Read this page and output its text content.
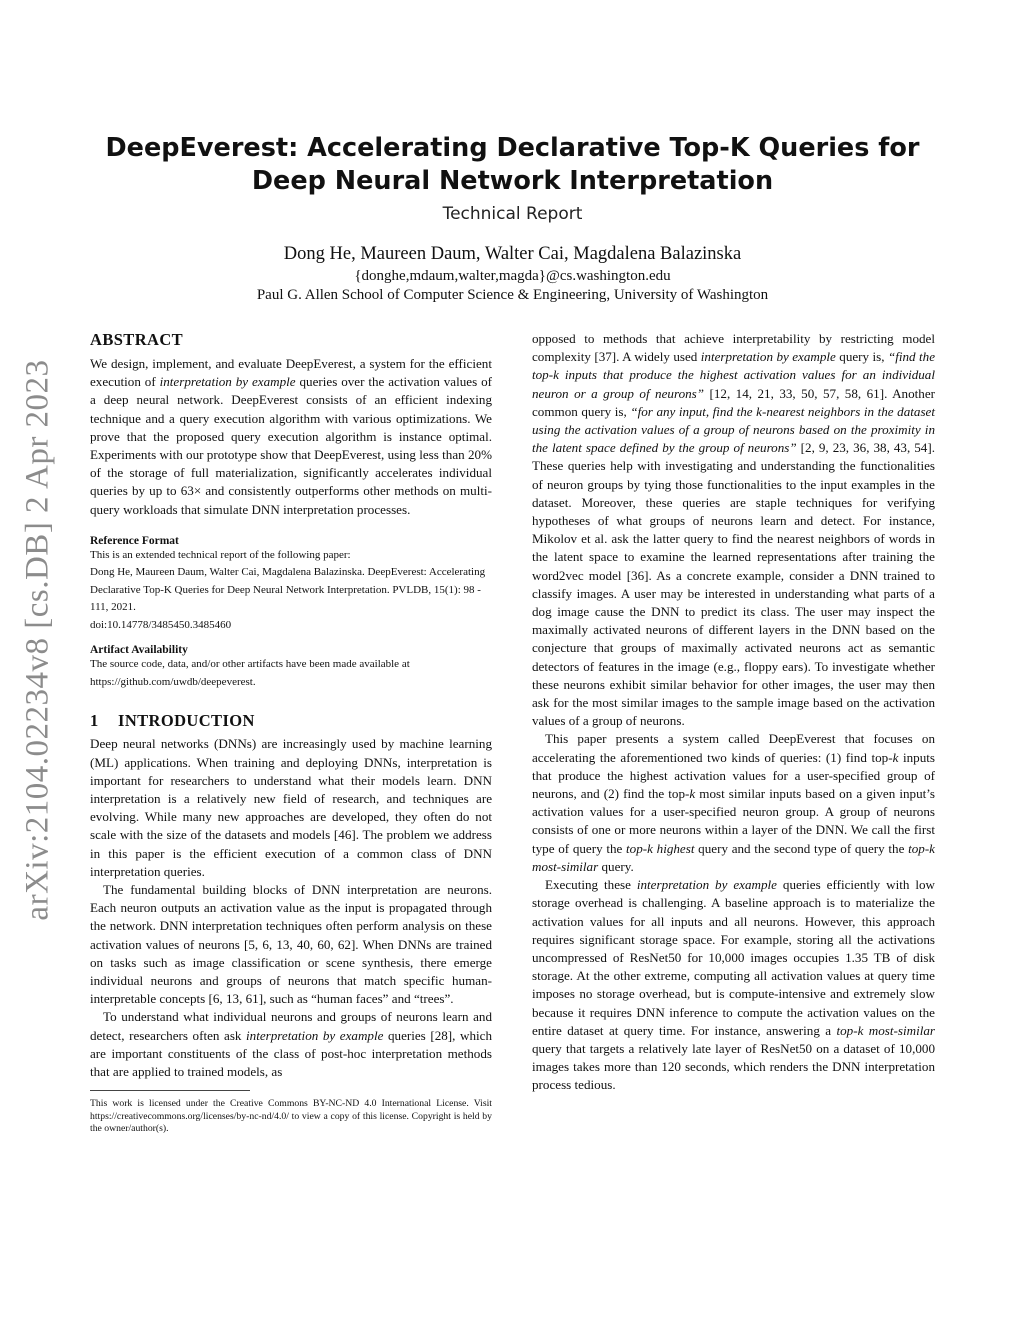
arXiv:2104.02234v8 [cs.DB] 2 Apr 2023
DeepEverest: Accelerating Declarative Top-K Queries for
Deep Neural Network Interpretation
Technical Report
Dong He, Maureen Daum, Walter Cai, Magdalena Balazinska
{donghe,mdaum,walter,magda}@cs.washington.edu
Paul G. Allen School of Computer Science & Engineering, University of Washington
ABSTRACT

We design, implement, and evaluate DeepEverest, a system for the efficient execution of interpretation by example queries over the activation values of a deep neural network. DeepEverest consists of an efficient indexing technique and a query execution algorithm with various optimizations. We prove that the proposed query execution algorithm is instance optimal. Experiments with our prototype show that DeepEverest, using less than 20% of the storage of full materialization, significantly accelerates individual queries by up to 63× and consistently outperforms other methods on multi-query workloads that simulate DNN interpretation processes.

Reference Format
This is an extended technical report of the following paper:
Dong He, Maureen Daum, Walter Cai, Magdalena Balazinska. DeepEverest: Accelerating Declarative Top-K Queries for Deep Neural Network Interpretation. PVLDB, 15(1): 98 - 111, 2021.
doi:10.14778/3485450.3485460
Artifact Availability
The source code, data, and/or other artifacts have been made available at https://github.com/uwdb/deepeverest.
1 INTRODUCTION

Deep neural networks (DNNs) are increasingly used by machine learning (ML) applications. When training and deploying DNNs, interpretation is important for researchers to understand what their models learn. DNN interpretation is a relatively new field of research, and techniques are evolving. While many new approaches are developed, they often do not scale with the size of the datasets and models [46]. The problem we address in this paper is the efficient execution of a common class of DNN interpretation queries.

The fundamental building blocks of DNN interpretation are neurons. Each neuron outputs an activation value as the input is propagated through the network. DNN interpretation techniques often perform analysis on these activation values of neurons [5, 6, 13, 40, 60, 62]. When DNNs are trained on tasks such as image classification or scene synthesis, there emerge individual neurons and groups of neurons that match specific human-interpretable concepts [6, 13, 61], such as “human faces” and “trees”.

To understand what individual neurons and groups of neurons learn and detect, researchers often ask interpretation by example queries [28], which are important constituents of the class of post-hoc interpretation methods that are applied to trained models, as

This work is licensed under the Creative Commons BY-NC-ND 4.0 International License. Visit https://creativecommons.org/licenses/by-nc-nd/4.0/ to view a copy of this license. Copyright is held by the owner/author(s).

opposed to methods that achieve interpretability by restricting model complexity [37]. A widely used interpretation by example query is, “find the top-k inputs that produce the highest activation values for an individual neuron or a group of neurons” [12, 14, 21, 33, 50, 57, 58, 61]. Another common query is, “for any input, find the k-nearest neighbors in the dataset using the activation values of a group of neurons based on the proximity in the latent space defined by the group of neurons” [2, 9, 23, 36, 38, 43, 54]. These queries help with investigating and understanding the functionalities of neuron groups by tying those functionalities to the input examples in the dataset. Moreover, these queries are staple techniques for verifying hypotheses of what groups of neurons learn and detect. For instance, Mikolov et al. ask the latter query to find the nearest neighbors of words in the latent space to examine the learned representations after training the word2vec model [36]. As a concrete example, consider a DNN trained to classify images. A user may be interested in understanding what parts of a dog image cause the DNN to predict its class. The user may inspect the maximally activated neurons of different layers in the DNN based on the conjecture that groups of maximally activated neurons act as semantic detectors of features in the image (e.g., floppy ears). To investigate whether these neurons exhibit similar behavior for other images, the user may then ask for the most similar images to the sample image based on the activation values of a group of neurons.

This paper presents a system called DeepEverest that focuses on accelerating the aforementioned two kinds of queries: (1) find top-k inputs that produce the highest activation values for a user-specified group of neurons, and (2) find the top-k most similar inputs based on a given input’s activation values for a user-specified neuron group. A group of neurons consists of one or more neurons within a layer of the DNN. We call the first type of query the top-k highest query and the second type of query the top-k most-similar query.

Executing these interpretation by example queries efficiently with low storage overhead is challenging. A baseline approach is to materialize the activation values for all inputs and all neurons. However, this approach requires significant storage space. For example, storing all the activations uncompressed of ResNet50 for 10,000 images occupies 1.35 TB of disk storage. At the other extreme, computing all activation values at query time imposes no storage overhead, but is compute-intensive and extremely slow because it requires DNN inference to compute the activation values on the entire dataset at query time. For instance, answering a top-k most-similar query that targets a relatively late layer of ResNet50 on a dataset of 10,000 images takes more than 120 seconds, which renders the DNN interpretation process tedious.
